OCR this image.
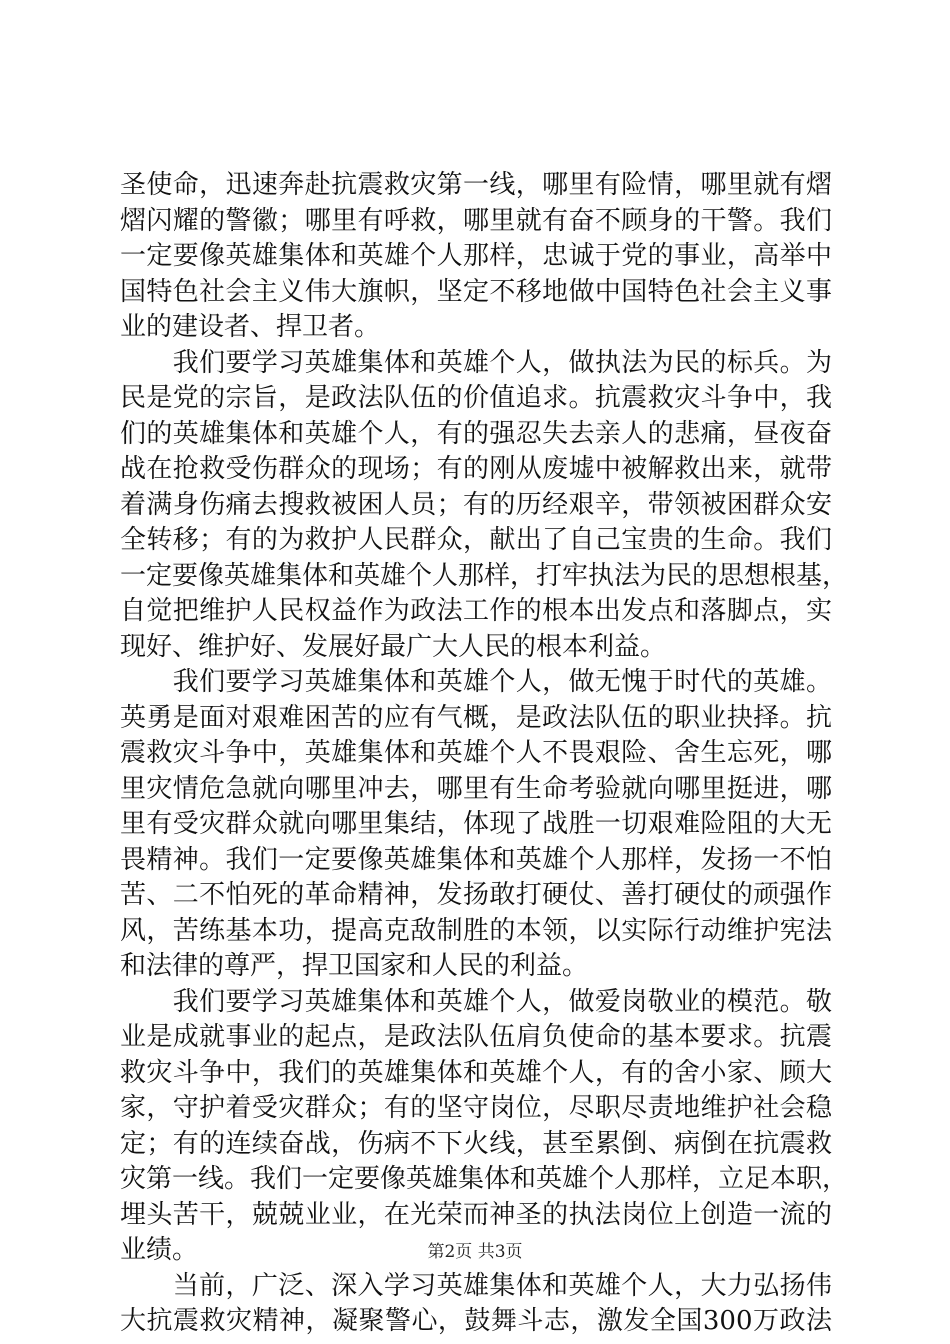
圣使命，迅速奔赴抗震救灾第一线，哪里有险情，哪里就有熠
熠闪耀的警徽；哪里有呼救，哪里就有奋不顾身的干警。我们
一定要像英雄集体和英雄个人那样，忠诚于党的事业，高举中
国特色社会主义伟大旗帜，坚定不移地做中国特色社会主义事
业的建设者、捍卫者。
　　我们要学习英雄集体和英雄个人，做执法为民的标兵。为
民是党的宗旨，是政法队伍的价值追求。抗震救灾斗争中，我
们的英雄集体和英雄个人，有的强忍失去亲人的悲痛，昼夜奋
战在抢救受伤群众的现场；有的刚从废墟中被解救出来，就带
着满身伤痛去搜救被困人员；有的历经艰辛，带领被困群众安
全转移；有的为救护人民群众，献出了自己宝贵的生命。我们
一定要像英雄集体和英雄个人那样，打牢执法为民的思想根基，
自觉把维护人民权益作为政法工作的根本出发点和落脚点，实
现好、维护好、发展好最广大人民的根本利益。
　　我们要学习英雄集体和英雄个人，做无愧于时代的英雄。
英勇是面对艰难困苦的应有气概，是政法队伍的职业抉择。抗
震救灾斗争中，英雄集体和英雄个人不畏艰险、舍生忘死，哪
里灾情危急就向哪里冲去，哪里有生命考验就向哪里挺进，哪
里有受灾群众就向哪里集结，体现了战胜一切艰难险阻的大无
畏精神。我们一定要像英雄集体和英雄个人那样，发扬一不怕
苦、二不怕死的革命精神，发扬敢打硬仗、善打硬仗的顽强作
风，苦练基本功，提高克敌制胜的本领，以实际行动维护宪法
和法律的尊严，捍卫国家和人民的利益。
　　我们要学习英雄集体和英雄个人，做爱岗敬业的模范。敬
业是成就事业的起点，是政法队伍肩负使命的基本要求。抗震
救灾斗争中，我们的英雄集体和英雄个人，有的舍小家、顾大
家，守护着受灾群众；有的坚守岗位，尽职尽责地维护社会稳
定；有的连续奋战，伤病不下火线，甚至累倒、病倒在抗震救
灾第一线。我们一定要像英雄集体和英雄个人那样，立足本职，
埋头苦干，兢兢业业，在光荣而神圣的执法岗位上创造一流的
业绩。
　　当前，广泛、深入学习英雄集体和英雄个人，大力弘扬伟
大抗震救灾精神，凝聚警心，鼓舞斗志，激发全国300万政法
第2页 共3页
